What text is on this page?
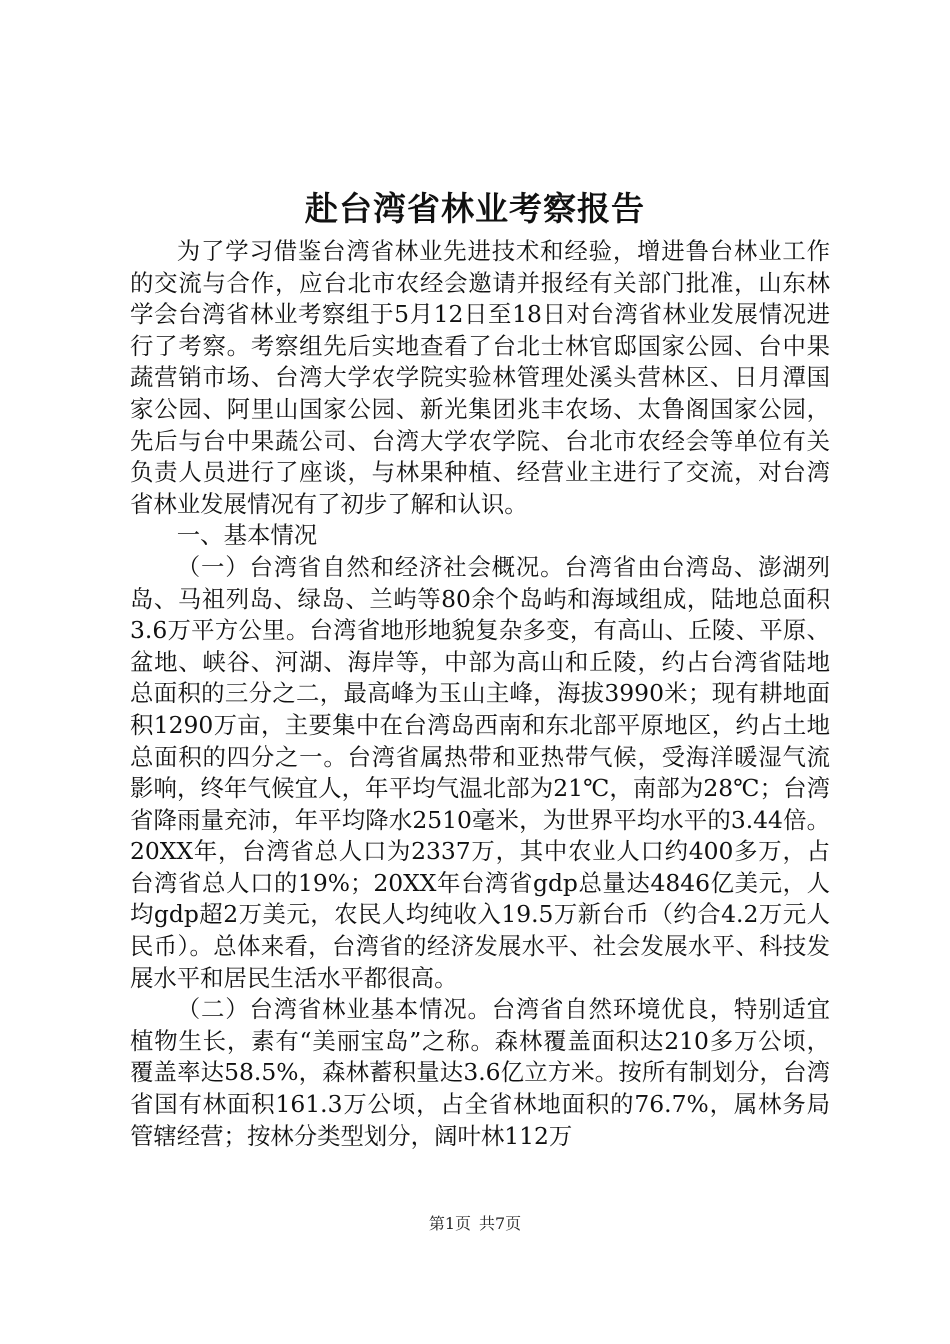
赴台湾省林业考察报告

为了学习借鉴台湾省林业先进技术和经验，增进鲁台林业工作的交流与合作，应台北市农经会邀请并报经有关部门批准，山东林学会台湾省林业考察组于5月12日至18日对台湾省林业发展情况进行了考察。考察组先后实地查看了台北士林官邸国家公园、台中果蔬营销市场、台湾大学农学院实验林管理处溪头营林区、日月潭国家公园、阿里山国家公园、新光集团兆丰农场、太鲁阁国家公园，先后与台中果蔬公司、台湾大学农学院、台北市农经会等单位有关负责人员进行了座谈，与林果种植、经营业主进行了交流，对台湾省林业发展情况有了初步了解和认识。

一、基本情况

（一）台湾省自然和经济社会概况。台湾省由台湾岛、澎湖列岛、马祖列岛、绿岛、兰屿等80余个岛屿和海域组成，陆地总面积3.6万平方公里。台湾省地形地貌复杂多变，有高山、丘陵、平原、盆地、峡谷、河湖、海岸等，中部为高山和丘陵，约占台湾省陆地总面积的三分之二，最高峰为玉山主峰，海拔3990米；现有耕地面积1290万亩，主要集中在台湾岛西南和东北部平原地区，约占土地总面积的四分之一。台湾省属热带和亚热带气候，受海洋暖湿气流影响，终年气候宜人，年平均气温北部为21℃，南部为28℃；台湾省降雨量充沛，年平均降水2510毫米，为世界平均水平的3.44倍。20XX年，台湾省总人口为2337万，其中农业人口约400多万，占台湾省总人口的19%；20XX年台湾省gdp总量达4846亿美元，人均gdp超2万美元，农民人均纯收入19.5万新台币（约合4.2万元人民币）。总体来看，台湾省的经济发展水平、社会发展水平、科技发展水平和居民生活水平都很高。

（二）台湾省林业基本情况。台湾省自然环境优良，特别适宜植物生长，素有“美丽宝岛”之称。森林覆盖面积达210多万公顷，覆盖率达58.5%，森林蓄积量达3.6亿立方米。按所有制划分，台湾省国有林面积161.3万公顷，占全省林地面积的76.7%，属林务局管辖经营；按林分类型划分，阔叶林112万

第1页 共7页
